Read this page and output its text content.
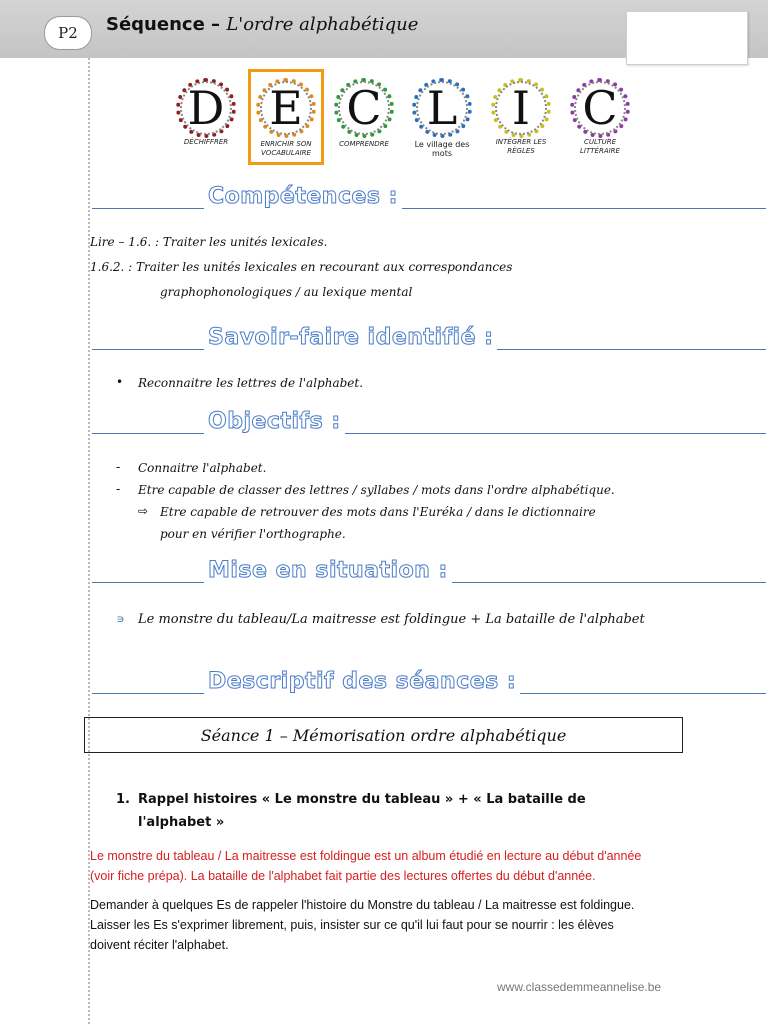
P2	Séquence – L'ordre alphabétique
D
DÉCHIFFRER
E
ENRICHIR SON VOCABULAIRE
C
COMPRENDRE
L
Le village des mots
I
INTÉGRER LES RÈGLES
C
CULTURE LITTÉRAIRE
Compétences :
Lire – 1.6. : Traiter les unités lexicales.
1.6.2. : Traiter les unités lexicales en recourant aux correspondances
graphophonologiques / au lexique mental
Savoir-faire identifié :
• Reconnaitre les lettres de l'alphabet.
Objectifs :
- Connaitre l'alphabet.
- Etre capable de classer des lettres / syllabes / mots dans l'ordre alphabétique.
⇨ Etre capable de retrouver des mots dans l'Euréka / dans le dictionnaire
pour en vérifier l'orthographe.
Mise en situation :
∍ Le monstre du tableau/La maitresse est foldingue + La bataille de l'alphabet
Descriptif des séances :
Séance 1 – Mémorisation ordre alphabétique
1. Rappel histoires « Le monstre du tableau » + « La bataille de
l'alphabet »
Le monstre du tableau / La maitresse est foldingue est un album étudié en lecture au début d'année
(voir fiche prépa). La bataille de l'alphabet fait partie des lectures offertes du début d'année.
Demander à quelques Es de rappeler l'histoire du Monstre du tableau / La maitresse est foldingue.
Laisser les Es s'exprimer librement, puis, insister sur ce qu'il lui faut pour se nourrir : les élèves
doivent réciter l'alphabet.
www.classedemmeannelise.be
